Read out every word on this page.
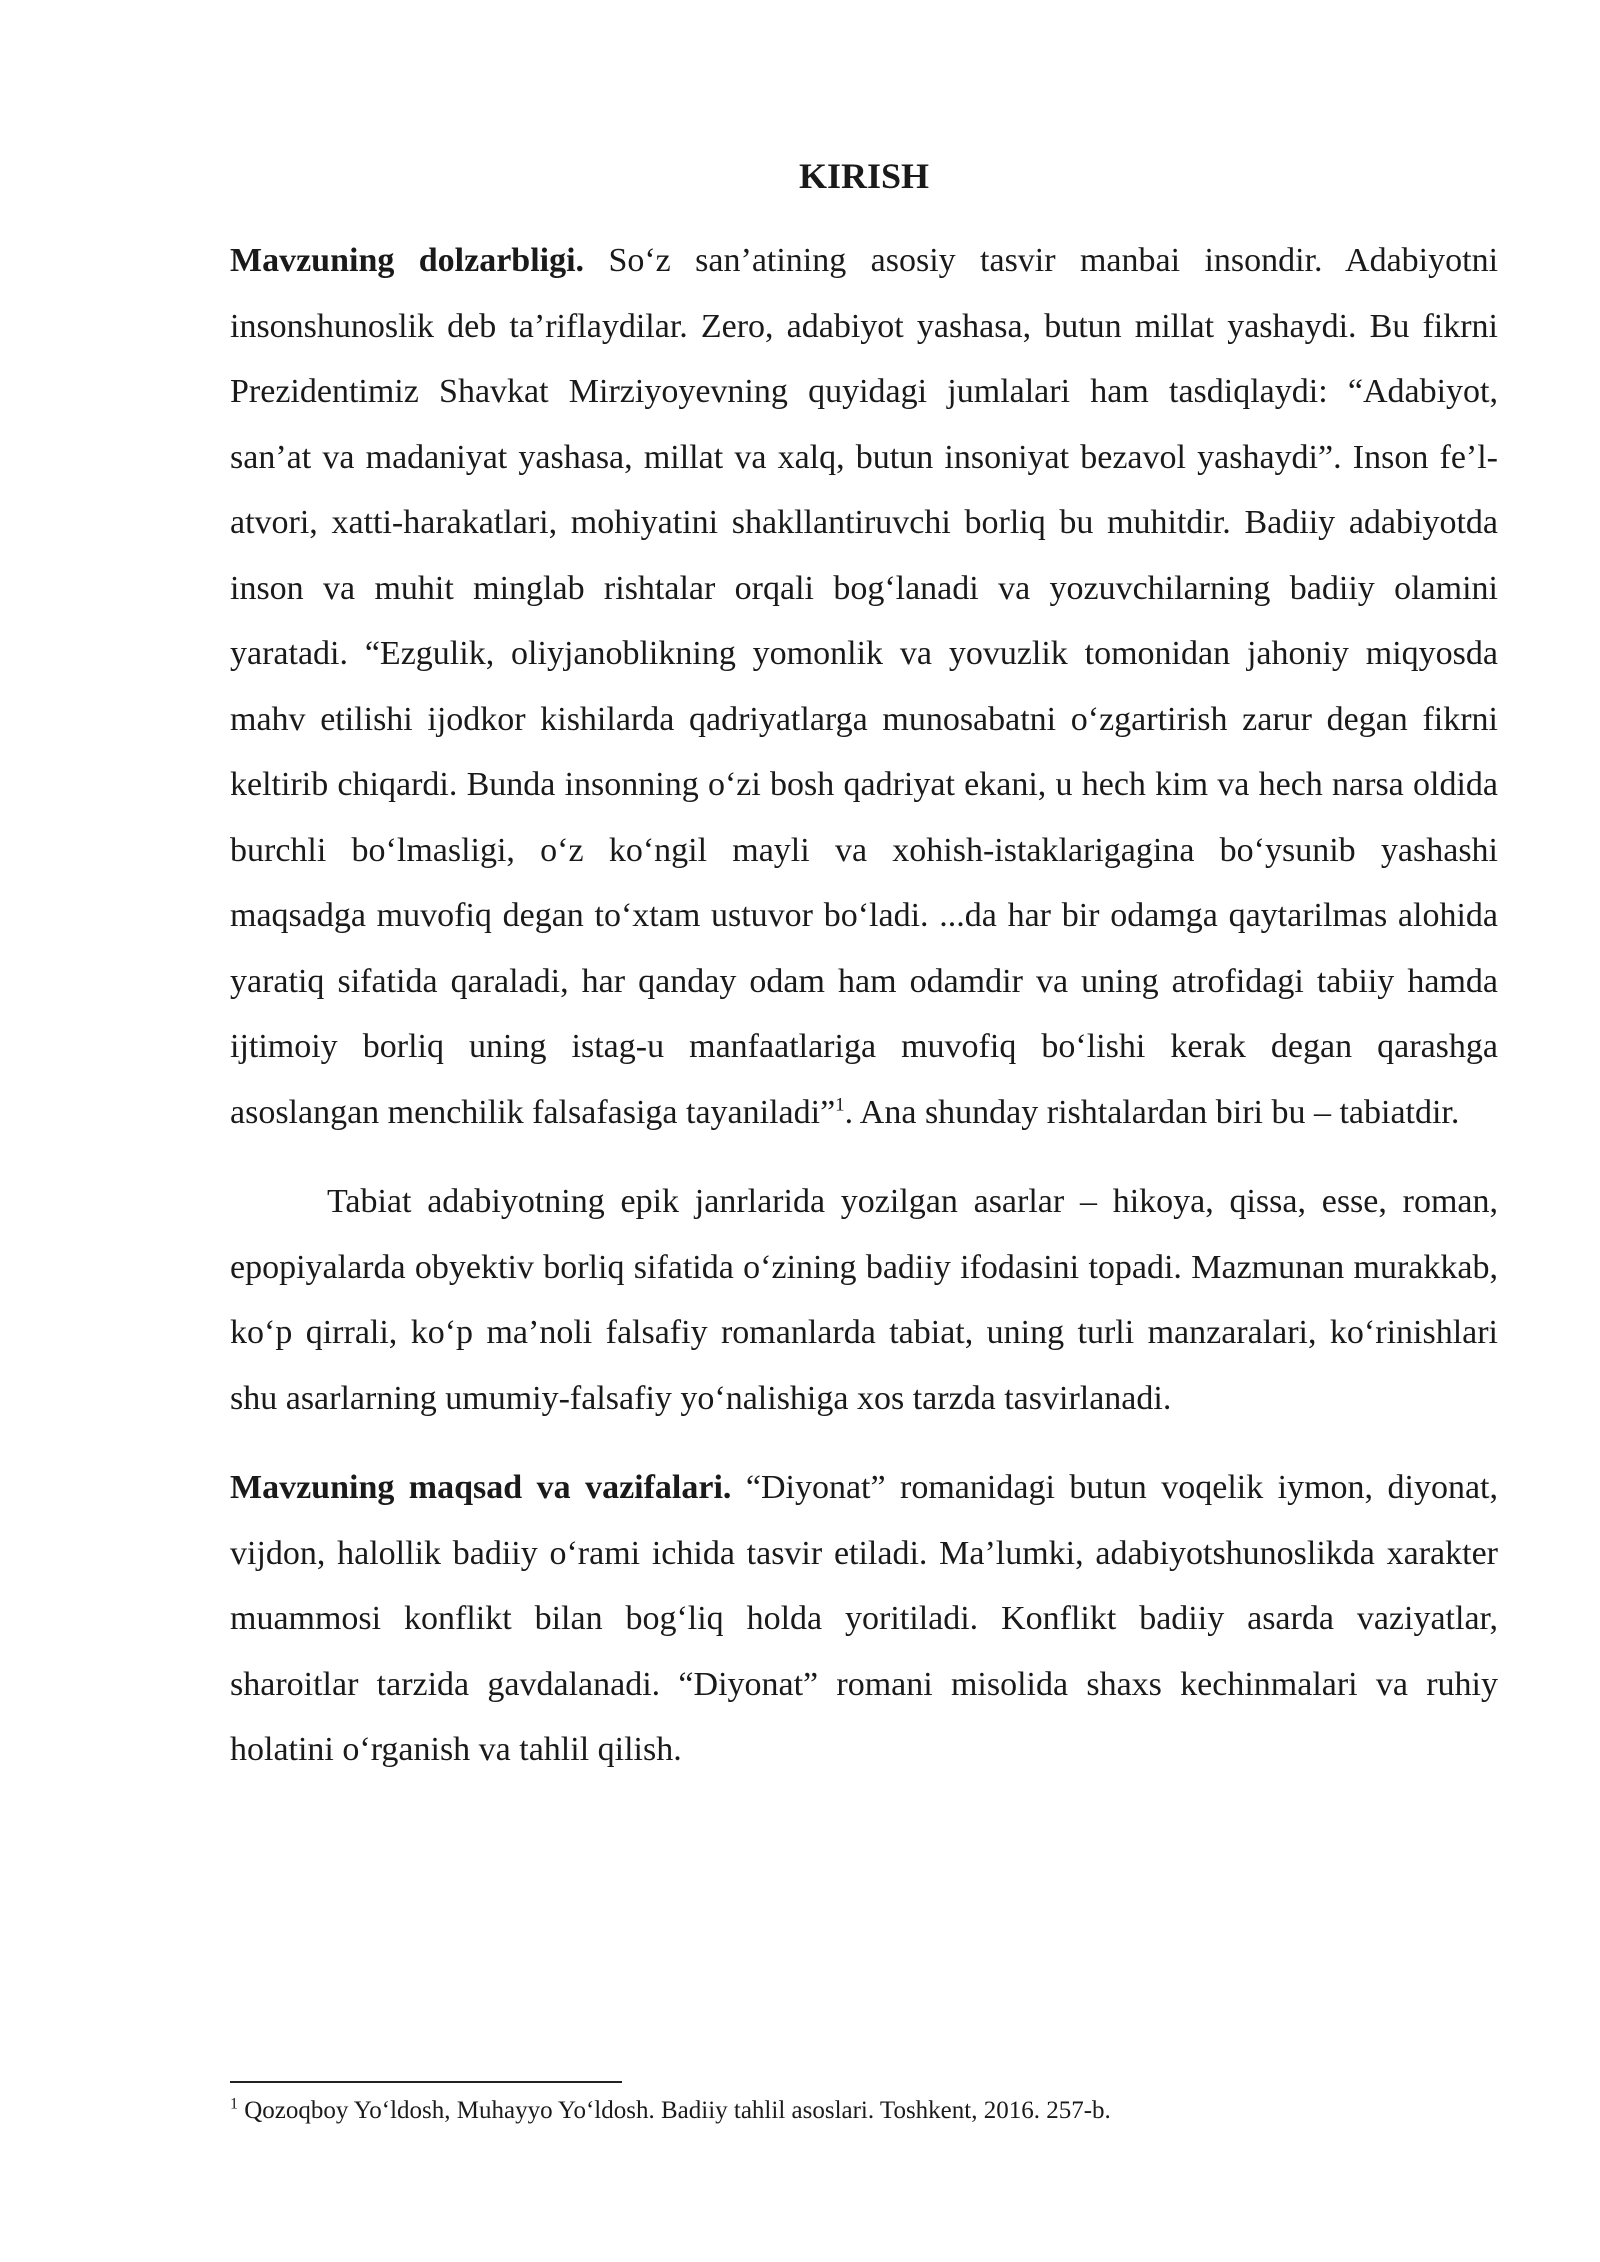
KIRISH

Mavzuning dolzarbligi. So‘z san’atining asosiy tasvir manbai insondir. Adabiyotni insonshunoslik deb ta’riflaydilar. Zero, adabiyot yashasa, butun millat yashaydi. Bu fikrni Prezidentimiz Shavkat Mirziyoyevning quyidagi jumlalari ham tasdiqlaydi: “Adabiyot, san’at va madaniyat yashasa, millat va xalq, butun insoniyat bezavol yashaydi”. Inson fe’l-atvori, xatti-harakatlari, mohiyatini shakllantiruvchi borliq bu muhitdir. Badiiy adabiyotda inson va muhit minglab rishtalar orqali bog‘lanadi va yozuvchilarning badiiy olamini yaratadi. “Ezgulik, oliyjanoblikning yomonlik va yovuzlik tomonidan jahoniy miqyosda mahv etilishi ijodkor kishilarda qadriyatlarga munosabatni o‘zgartirish zarur degan fikrni keltirib chiqardi. Bunda insonning o‘zi bosh qadriyat ekani, u hech kim va hech narsa oldida burchli bo‘lmasligi, o‘z ko‘ngil mayli va xohish-istaklarigagina bo‘ysunib yashashi maqsadga muvofiq degan to‘xtam ustuvor bo‘ladi. ...da har bir odamga qaytarilmas alohida yaratiq sifatida qaraladi, har qanday odam ham odamdir va uning atrofidagi tabiiy hamda ijtimoiy borliq uning istag-u manfaatlariga muvofiq bo‘lishi kerak degan qarashga asoslangan menchilik falsafasiga tayaniladi”$^1$. Ana shunday rishtalardan biri bu – tabiatdir.

Tabiat adabiyotning epik janrlarida yozilgan asarlar – hikoya, qissa, esse, roman, epopiyalarda obyektiv borliq sifatida o‘zining badiiy ifodasini topadi. Mazmunan murakkab, ko‘p qirrali, ko‘p ma’noli falsafiy romanlarda tabiat, uning turli manzaralari, ko‘rinishlari shu asarlarning umumiy-falsafiy yo‘nalishiga xos tarzda tasvirlanadi.

Mavzuning maqsad va vazifalari. “Diyonat” romanidagi butun voqelik iymon, diyonat, vijdon, halollik badiiy o‘rami ichida tasvir etiladi. Ma’lumki, adabiyotshunoslikda xarakter muammosi konflikt bilan bog‘liq holda yoritiladi. Konflikt badiiy asarda vaziyatlar, sharoitlar tarzida gavdalanadi. “Diyonat” romani misolida shaxs kechinmalari va ruhiy holatini o‘rganish va tahlil qilish.

$^1$ Qozoqboy Yo‘ldosh, Muhayyo Yo‘ldosh. Badiiy tahlil asoslari. Toshkent, 2016. 257-b.
